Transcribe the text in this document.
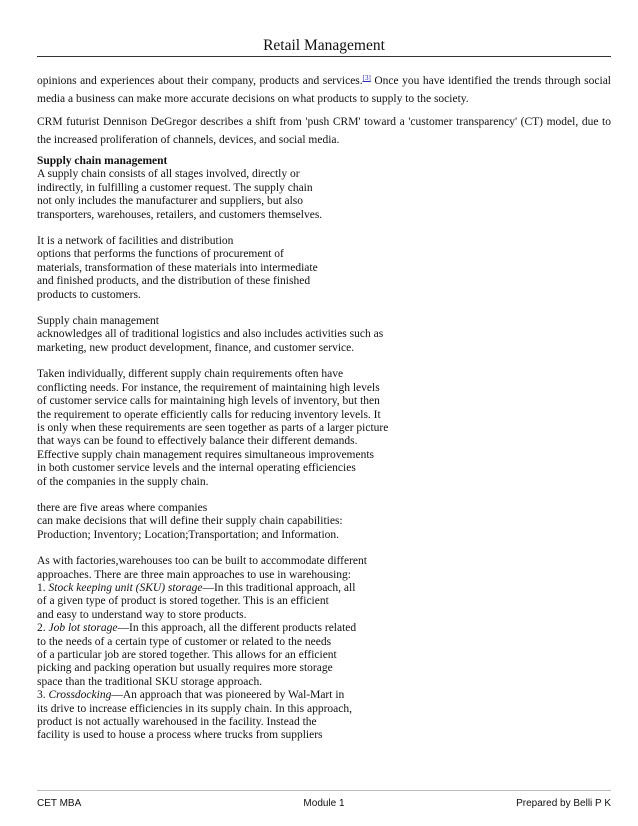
Retail Management

opinions and experiences about their company, products and services.[3] Once you have identified the trends through social media a business can make more accurate decisions on what products to supply to the society.

CRM futurist Dennison DeGregor describes a shift from 'push CRM' toward a 'customer transparency' (CT) model, due to the increased proliferation of channels, devices, and social media.

Supply chain management
A supply chain consists of all stages involved, directly or
indirectly, in fulfilling a customer request. The supply chain
not only includes the manufacturer and suppliers, but also
transporters, warehouses, retailers, and customers themselves.
It is a network of facilities and distribution
options that performs the functions of procurement of
materials, transformation of these materials into intermediate
and finished products, and the distribution of these finished
products to customers.
Supply chain management
acknowledges all of traditional logistics and also includes activities such as
marketing, new product development, finance, and customer service.
Taken individually, different supply chain requirements often have
conflicting needs. For instance, the requirement of maintaining high levels
of customer service calls for maintaining high levels of inventory, but then
the requirement to operate efficiently calls for reducing inventory levels. It
is only when these requirements are seen together as parts of a larger picture
that ways can be found to effectively balance their different demands.
Effective supply chain management requires simultaneous improvements
in both customer service levels and the internal operating efficiencies
of the companies in the supply chain.
there are five areas where companies
can make decisions that will define their supply chain capabilities:
Production; Inventory; Location;Transportation; and Information.
As with factories,warehouses too can be built to accommodate different
approaches. There are three main approaches to use in warehousing:
1. Stock keeping unit (SKU) storage—In this traditional approach, all
of a given type of product is stored together. This is an efficient
and easy to understand way to store products.
2. Job lot storage—In this approach, all the different products related
to the needs of a certain type of customer or related to the needs
of a particular job are stored together. This allows for an efficient
picking and packing operation but usually requires more storage
space than the traditional SKU storage approach.
3. Crossdocking—An approach that was pioneered by Wal-Mart in
its drive to increase efficiencies in its supply chain. In this approach,
product is not actually warehoused in the facility. Instead the
facility is used to house a process where trucks from suppliers
CET MBA	Module 1	Prepared by Belli P K
